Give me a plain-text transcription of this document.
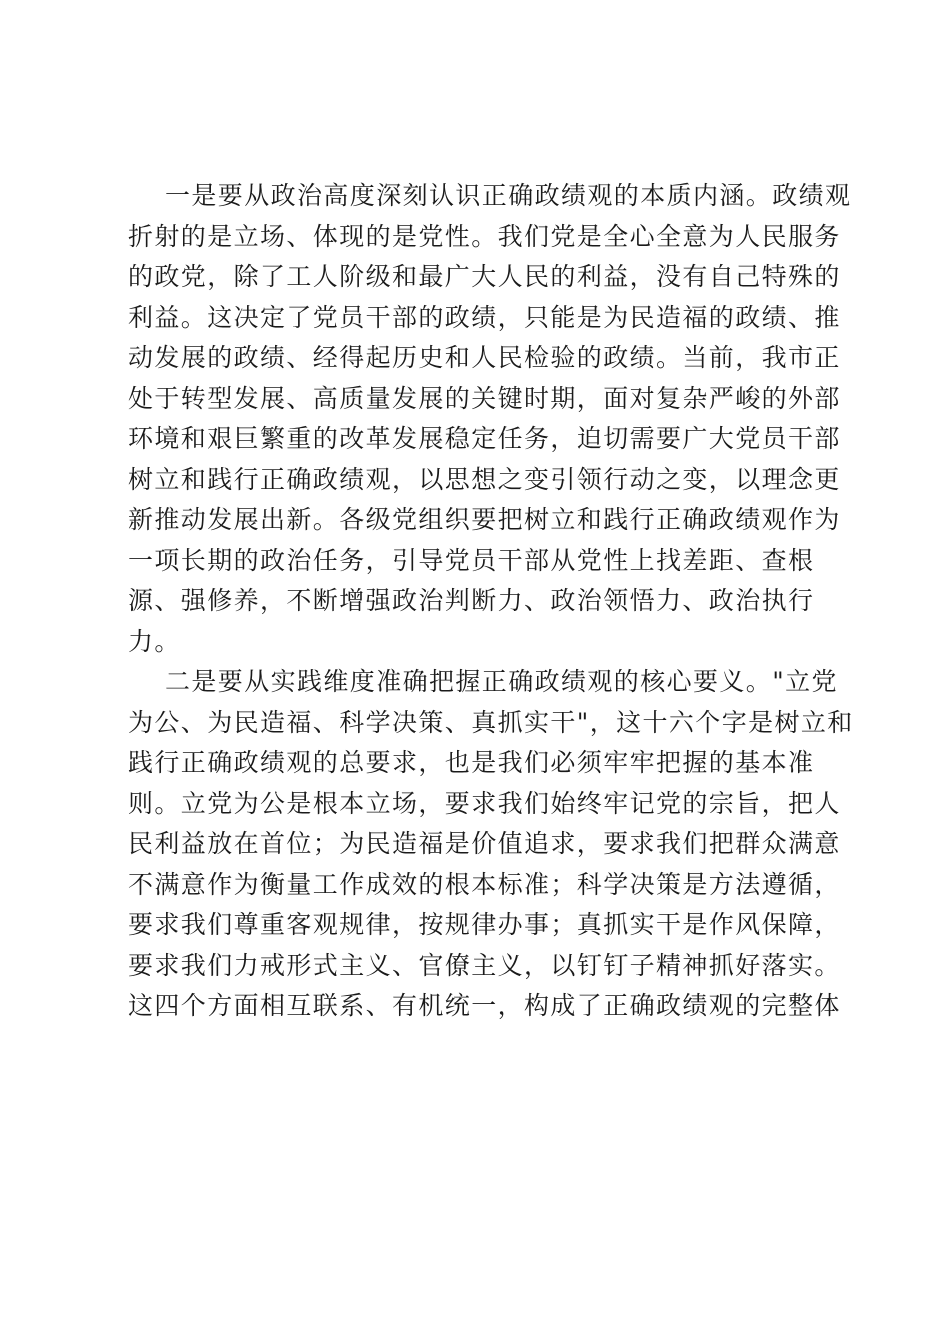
一是要从政治高度深刻认识正确政绩观的本质内涵。政绩观
折射的是立场、体现的是党性。我们党是全心全意为人民服务
的政党，除了工人阶级和最广大人民的利益，没有自己特殊的
利益。这决定了党员干部的政绩，只能是为民造福的政绩、推
动发展的政绩、经得起历史和人民检验的政绩。当前，我市正
处于转型发展、高质量发展的关键时期，面对复杂严峻的外部
环境和艰巨繁重的改革发展稳定任务，迫切需要广大党员干部
树立和践行正确政绩观，以思想之变引领行动之变，以理念更
新推动发展出新。各级党组织要把树立和践行正确政绩观作为
一项长期的政治任务，引导党员干部从党性上找差距、查根
源、强修养，不断增强政治判断力、政治领悟力、政治执行
力。
二是要从实践维度准确把握正确政绩观的核心要义。"立党
为公、为民造福、科学决策、真抓实干"，这十六个字是树立和
践行正确政绩观的总要求，也是我们必须牢牢把握的基本准
则。立党为公是根本立场，要求我们始终牢记党的宗旨，把人
民利益放在首位；为民造福是价值追求，要求我们把群众满意
不满意作为衡量工作成效的根本标准；科学决策是方法遵循，
要求我们尊重客观规律，按规律办事；真抓实干是作风保障，
要求我们力戒形式主义、官僚主义，以钉钉子精神抓好落实。
这四个方面相互联系、有机统一，构成了正确政绩观的完整体
